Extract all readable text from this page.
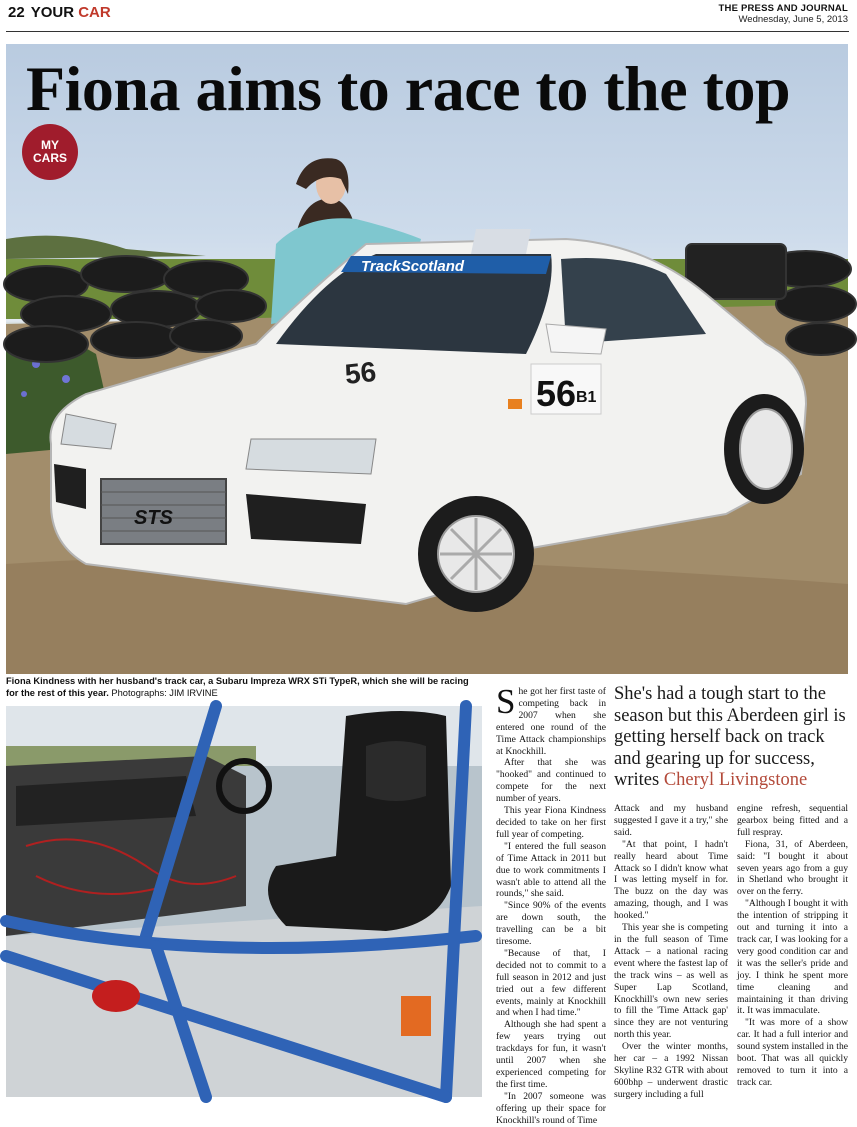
22 YOUR CAR	THE PRESS AND JOURNAL
Wednesday, June 5, 2013
TrackScotland
56
56 B1
STS
Fiona aims to race to the top
MY
CARS
Fiona Kindness with her husband's track car, a Subaru Impreza WRX STi TypeR, which she will be racing for the rest of this year. Photographs: JIM IRVINE	She got her first taste of competing back in 2007 when she entered one round of the Time Attack championships at Knockhill.

After that she was "hooked" and continued to compete for the next number of years.

This year Fiona Kindness decided to take on her first full year of competing.

"I entered the full season of Time Attack in 2011 but due to work commitments I wasn't able to attend all the rounds," she said.

"Since 90% of the events are down south, the travelling can be a bit tiresome.

"Because of that, I decided not to commit to a full season in 2012 and just tried out a few different events, mainly at Knockhill and when I had time."

Although she had spent a few years trying out trackdays for fun, it wasn't until 2007 when she experienced competing for the first time.

"In 2007 someone was offering up their space for Knockhill's round of Time

She's had a tough start to the season but this Aberdeen girl is getting herself back on track and gearing up for success, writes Cheryl Livingstone

Attack and my husband suggested I gave it a try," she said.

"At that point, I hadn't really heard about Time Attack so I didn't know what I was letting myself in for. The buzz on the day was amazing, though, and I was hooked."

This year she is competing in the full season of Time Attack – a national racing event where the fastest lap of the track wins – as well as Super Lap Scotland, Knockhill's own new series to fill the 'Time Attack gap' since they are not venturing north this year.

Over the winter months, her car – a 1992 Nissan Skyline R32 GTR with about 600bhp – underwent drastic surgery including a full

engine refresh, sequential gearbox being fitted and a full respray.

Fiona, 31, of Aberdeen, said: "I bought it about seven years ago from a guy in Shetland who brought it over on the ferry.

"Although I bought it with the intention of stripping it out and turning it into a track car, I was looking for a very good condition car and it was the seller's pride and joy. I think he spent more time cleaning and maintaining it than driving it. It was immaculate.

"It was more of a show car. It had a full interior and sound system installed in the boot. That was all quickly removed to turn it into a track car.
